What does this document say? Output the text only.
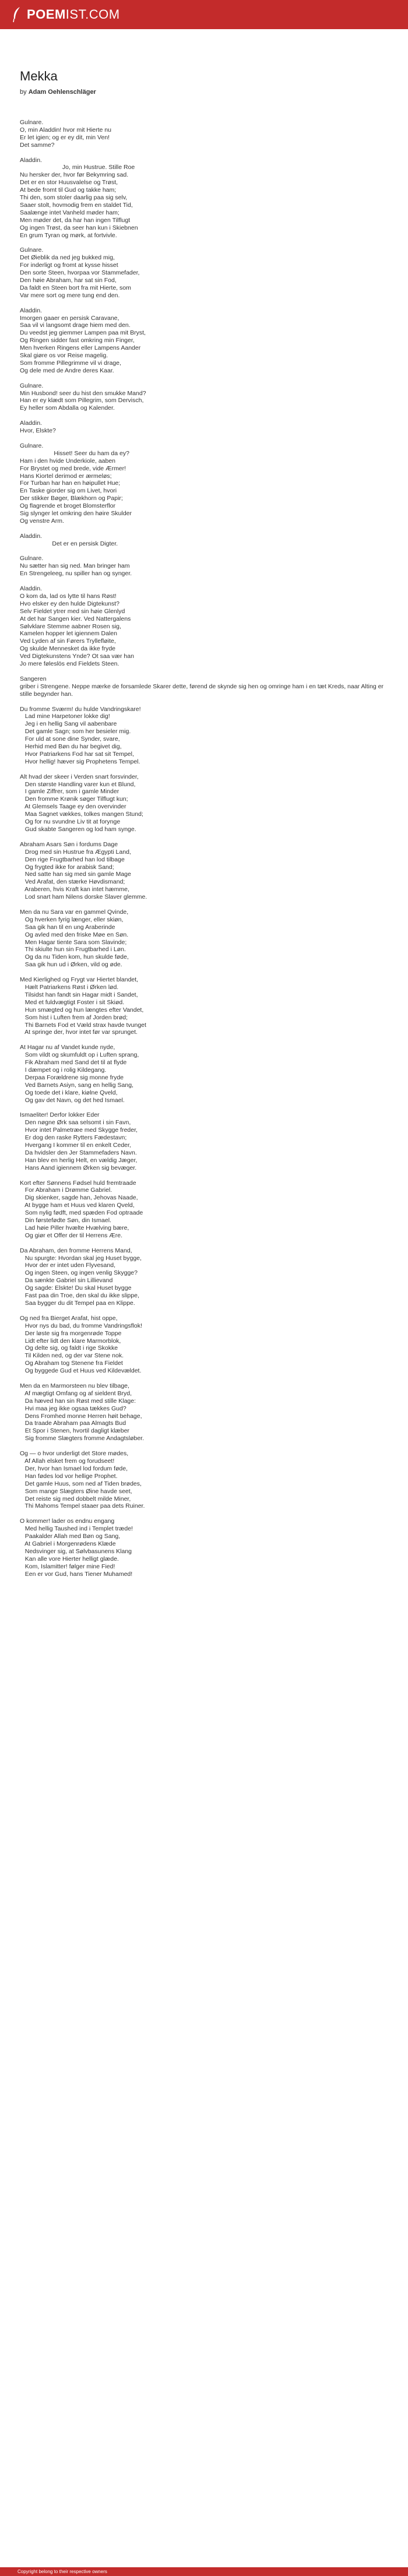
POEMIST.COM
Mekka

by Adam Oehlenschläger

Gulnare.
O, min Aladdin! hvor mit Hierte nu
Er let igien; og er ey dit, min Ven!
Det samme?
Aladdin.
Jo, min Hustrue. Stille Roe
Nu hersker der, hvor før Bekymring sad.
Det er en stor Huusvalelse og Trøst,
At bede fromt til Gud og takke ham;
Thi den, som stoler daarlig paa sig selv,
Saaer stolt, hovmodig frem en staldet Tid,
Saalænge intet Vanheld møder ham;
Men møder det, da har han ingen Tilflugt
Og ingen Trøst, da seer han kun i Skiebnen
En grum Tyran og mørk, at fortvivle.
Gulnare.
Det Øieblik da ned jeg bukked mig,
For inderligt og fromt at kysse hisset
Den sorte Steen, hvorpaa vor Stammefader,
Den høie Abraham, har sat sin Fod,
Da faldt en Steen bort fra mit Hierte, som
Var mere sort og mere tung end den.
Aladdin.
Imorgen gaaer en persisk Caravane,
Saa vil vi langsomt drage hiem med den.
Du veedst jeg giemmer Lampen paa mit Bryst,
Og Ringen sidder fast omkring min Finger,
Men hverken Ringens eller Lampens Aander
Skal giøre os vor Reise magelig.
Som fromme Pillegrimme vil vi drage,
Og dele med de Andre deres Kaar.
Gulnare.
Min Husbond! seer du hist den smukke Mand?
Han er ey klædt som Pillegrim, som Dervisch,
Ey heller som Abdalla og Kalender.
Aladdin.
Hvor, Elskte?
Gulnare.
Hisset! Seer du ham da ey?
Ham i den hvide Underkiole, aaben
For Brystet og med brede, vide Ærmer!
Hans Kiortel derimod er ærmeløs;
For Turban har han en høipullet Hue;
En Taske giorder sig om Livet, hvori
Der stikker Bøger, Blækhorn og Papir;
Og flagrende et broget Blomsterflor
Sig slynger let omkring den høire Skulder
Og venstre Arm.
Aladdin.
Det er en persisk Digter.
Gulnare.
Nu sætter han sig ned. Man bringer ham
En Strengeleeg, nu spiller han og synger.
Aladdin.
O kom da, lad os lytte til hans Røst!
Hvo elsker ey den hulde Digtekunst?
Selv Fieldet ytrer med sin høie Glenlyd
At det har Sangen kier. Ved Nattergalens
Sølvklare Stemme aabner Rosen sig,
Kamelen hopper let igiennem Dalen
Ved Lyden af sin Førers Tryllefløite,
Og skulde Mennesket da ikke fryde
Ved Digtekunstens Ynde? Ot saa vær han
Jo mere føleslös end Fieldets Steen.
Sangeren
griber i Strengene. Neppe mærke de forsamlede Skarer dette, førend de skynde sig hen og omringe ham i en tæt Kreds, naar Alting er stille begynder han.
Du fromme Sværm! du hulde Vandringskare!
Lad mine Harpetoner lokke dig!
Jeg i en hellig Sang vil aabenbare
Det gamle Sagn; som her besieler mig.
For uld at sone dine Synder, svare,
Herhid med Bøn du har begivet dig,
Hvor Patriarkens Fod har sat sit Tempel,
Hvor hellig! hæver sig Prophetens Tempel.
Alt hvad der skeer i Verden snart forsvinder,
Den største Handling varer kun et Blund,
I gamle Ziffrer, som i gamle Minder
Den fromme Krønik søger Tilflugt kun;
At Glemsels Taage ey den overvinder
Maa Sagnet vækkes, tolkes mangen Stund;
Og for nu svundne Liv tit at forynge
Gud skabte Sangeren og lod ham synge.
Abraham Asars Søn i fordums Dage
Drog med sin Hustrue fra Ægypti Land,
Den rige Frugtbarhed han lod tilbage
Og frygted ikke for arabisk Sand;
Ned satte han sig med sin gamle Mage
Ved Arafat, den stærke Høvdismand;
Araberen, hvis Kraft kan intet hæmme,
Lod snart ham Nilens dorske Slaver glemme.
Men da nu Sara var en gammel Qvinde,
Og hverken fyrig længer, eller skiøn,
Saa gik han til en ung Araberinde
Og avled med den friske Møe en Søn.
Men Hagar tiente Sara som Slavinde;
Thi skiulte hun sin Frugtbarhed i Løn.
Og da nu Tiden kom, hun skulde føde,
Saa gik hun ud i Ørken, vild og øde.
Med Kierlighed og Frygt var Hiertet blandet,
Hælt Patriarkens Røst i Ørken lød.
Tilsidst han fandt sin Hagar midt i Sandet,
Med et fuldvægtigt Foster i sit Skiød.
Hun smægted og hun længtes efter Vandet,
Som hist i Luften frem af Jorden brød;
Thi Barnets Fod et Væld strax havde tvunget
At springe der, hvor intet før var sprunget.
At Hagar nu af Vandet kunde nyde,
Som vildt og skumfuldt op i Luften sprang,
Fik Abraham med Sand det til at flyde
I dæmpet og i rolig Kildegang.
Derpaa Forældrene sig monne fryde
Ved Barnets Asiyn, sang en hellig Sang,
Og toede det i klare, kiølne Qveld,
Og gav det Navn, og det hed Ismael.
Ismaeliter! Derfor lokker Eder
Den nøgne Ørk saa selsomt i sin Favn,
Hvor intet Palmetræe med Skygge freder,
Er dog den raske Rytters Fædestavn;
Hvergang I kommer til en enkelt Ceder,
Da hvidsler den Jer Stammefaders Navn.
Han blev en herlig Helt, en vældig Jæger,
Hans Aand igiennem Ørken sig bevæger.
Kort efter Sønnens Fødsel huld fremtraade
For Abraham i Drømme Gabriel.
Dig skienker, sagde han, Jehovas Naade,
At bygge ham et Huus ved klaren Qveld,
Som nylig fødft, med spæden Fod optraade
Din førstefødte Søn, din Ismael.
Lad høie Piller hvælte Hvælving bære,
Og giør et Offer der til Herrens Ære.
Da Abraham, den fromme Herrens Mand,
Nu spurgte: Hvordan skal jeg Huset bygge,
Hvor der er intet uden Flyvesand,
Og ingen Steen, og ingen venlig Skygge?
Da sænkte Gabriel sin Lillievand
Og sagde: Elskte! Du skal Huset bygge
Fast paa din Troe, den skal du ikke slippe,
Saa bygger du dit Tempel paa en Klippe.
Og ned fra Bierget Arafat, hist oppe,
Hvor nys du bad, du fromme Vandringsflok!
Der løste sig fra morgenrøde Toppe
Lidt efter lidt den klare Marmorblok,
Og delte sig, og faldt i rige Skokke
Til Kilden ned, og der var Stene nok.
Og Abraham tog Stenene fra Fieldet
Og byggede Gud et Huus ved Kildevældet.
Men da en Marmorsteen nu blev tilbage,
Af mægtigt Omfang og af sieldent Bryd,
Da hæved han sin Røst med stille Klage:
Hvi maa jeg ikke ogsaa tækkes Gud?
Dens Fromhed monne Herren høit behage,
Da traade Abraham paa Almagts Bud
Et Spor i Stenen, hvortil dagligt klæber
Sig fromme Slægters fromme Andagtsløber.
Og — o hvor underligt det Store mødes,
Af Allah elsket frem og forudseet!
Der, hvor han Ismael lod fordum føde,
Han fødes lod vor hellige Prophet.
Det gamle Huus, som ned af Tiden brødes,
Som mange Slægters Øine havde seet,
Det reiste sig med dobbelt milde Miner,
Thi Mahoms Tempel staaer paa dets Ruiner.
O kommer! lader os endnu engang
Med hellig Taushed ind i Templet træde!
Paakalder Allah med Bøn og Sang,
At Gabriel i Morgenrødens Klæde
Nedsvinger sig, at Sølvbasunens Klang
Kan alle vore Hierter helligt glæde.
Kom, Islamitter! følger mine Fied!
Een er vor Gud, hans Tiener Muhamed!
Copyright belong to their respective owners
